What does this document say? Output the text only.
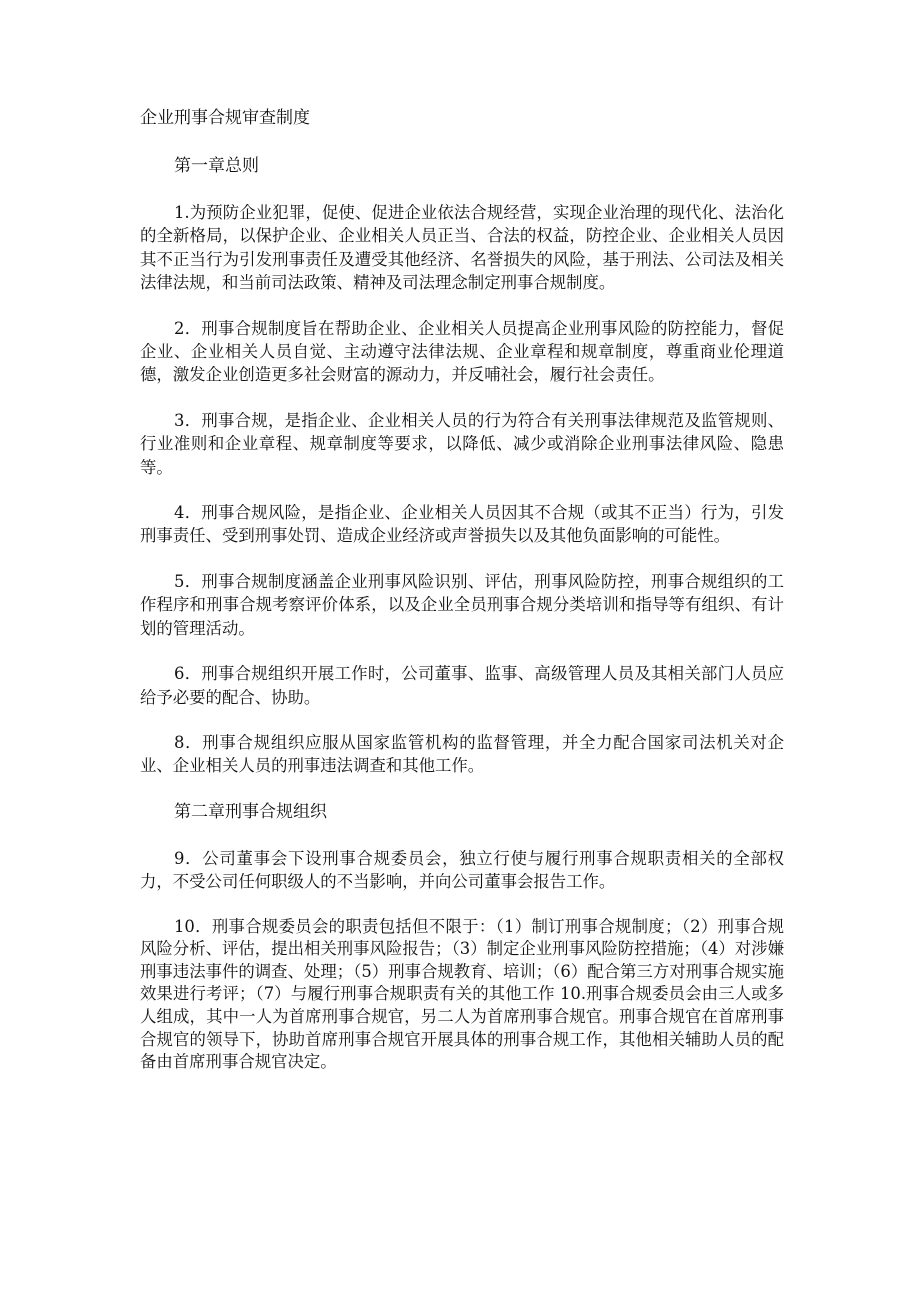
企业刑事合规审查制度
第一章总则

1.为预防企业犯罪，促使、促进企业依法合规经营，实现企业治理的现代化、法治化的全新格局，以保护企业、企业相关人员正当、合法的权益，防控企业、企业相关人员因其不正当行为引发刑事责任及遭受其他经济、名誉损失的风险，基于刑法、公司法及相关法律法规，和当前司法政策、精神及司法理念制定刑事合规制度。

2．刑事合规制度旨在帮助企业、企业相关人员提高企业刑事风险的防控能力，督促企业、企业相关人员自觉、主动遵守法律法规、企业章程和规章制度，尊重商业伦理道德，激发企业创造更多社会财富的源动力，并反哺社会，履行社会责任。

3．刑事合规，是指企业、企业相关人员的行为符合有关刑事法律规范及监管规则、行业准则和企业章程、规章制度等要求，以降低、减少或消除企业刑事法律风险、隐患等。

4．刑事合规风险，是指企业、企业相关人员因其不合规（或其不正当）行为，引发刑事责任、受到刑事处罚、造成企业经济或声誉损失以及其他负面影响的可能性。

5．刑事合规制度涵盖企业刑事风险识别、评估，刑事风险防控，刑事合规组织的工作程序和刑事合规考察评价体系，以及企业全员刑事合规分类培训和指导等有组织、有计划的管理活动。

6．刑事合规组织开展工作时，公司董事、监事、高级管理人员及其相关部门人员应给予必要的配合、协助。

8．刑事合规组织应服从国家监管机构的监督管理，并全力配合国家司法机关对企业、企业相关人员的刑事违法调查和其他工作。

第二章刑事合规组织

9．公司董事会下设刑事合规委员会，独立行使与履行刑事合规职责相关的全部权力，不受公司任何职级人的不当影响，并向公司董事会报告工作。

10．刑事合规委员会的职责包括但不限于：（1）制订刑事合规制度；（2）刑事合规风险分析、评估，提出相关刑事风险报告；（3）制定企业刑事风险防控措施；（4）对涉嫌刑事违法事件的调查、处理；（5）刑事合规教育、培训；（6）配合第三方对刑事合规实施效果进行考评；（7）与履行刑事合规职责有关的其他工作 10.刑事合规委员会由三人或多人组成，其中一人为首席刑事合规官，另二人为首席刑事合规官。刑事合规官在首席刑事合规官的领导下，协助首席刑事合规官开展具体的刑事合规工作，其他相关辅助人员的配备由首席刑事合规官决定。
